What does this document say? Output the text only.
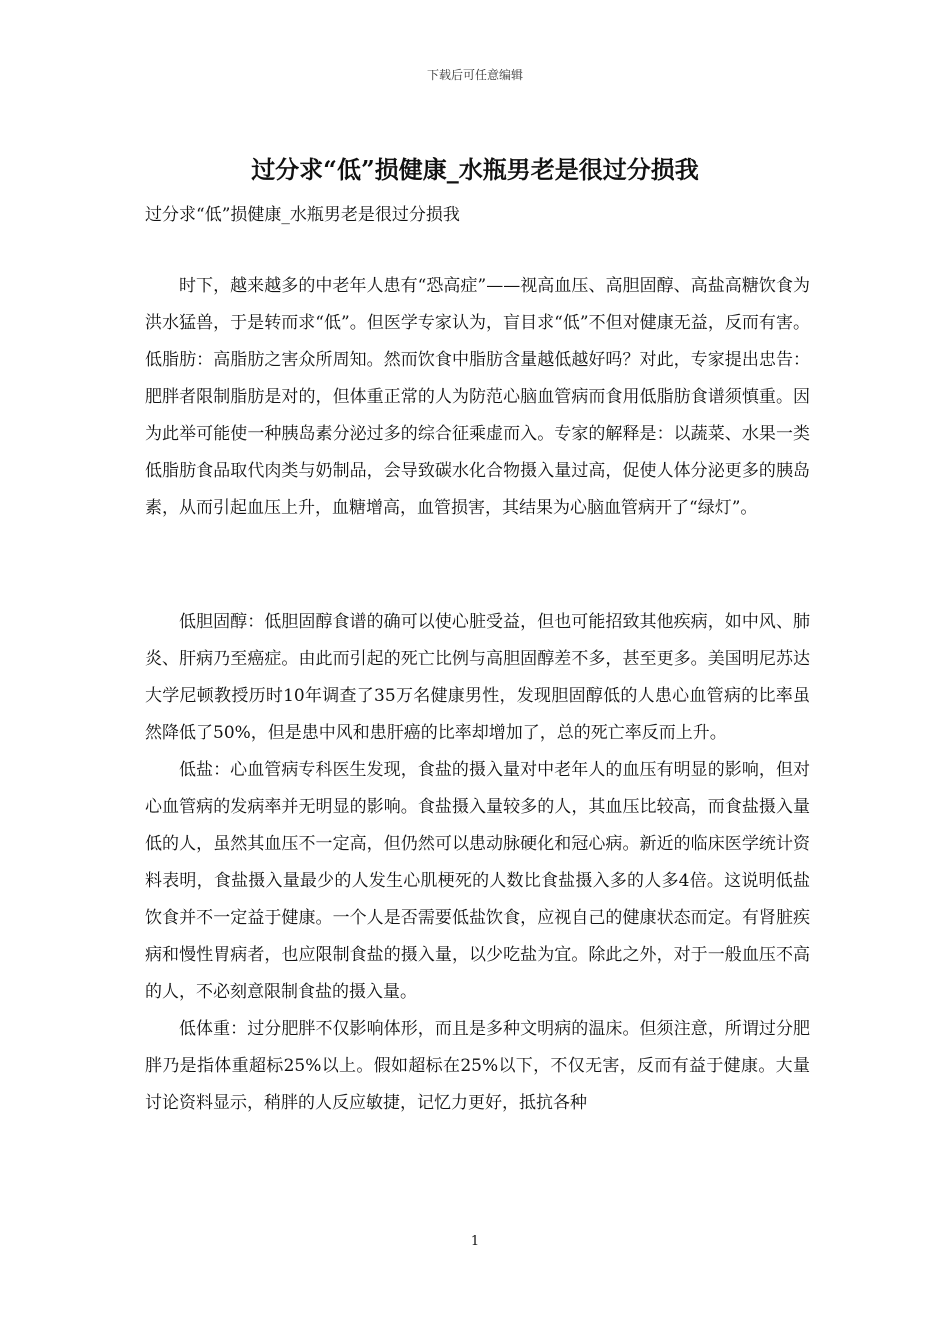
下载后可任意编辑
过分求“低”损健康_水瓶男老是很过分损我
过分求“低”损健康_水瓶男老是很过分损我

时下，越来越多的中老年人患有“恐高症”——视高血压、高胆固醇、高盐高糖饮食为洪水猛兽，于是转而求“低”。但医学专家认为，盲目求“低”不但对健康无益，反而有害。 低脂肪：高脂肪之害众所周知。然而饮食中脂肪含量越低越好吗？对此，专家提出忠告：肥胖者限制脂肪是对的，但体重正常的人为防范心脑血管病而食用低脂肪食谱须慎重。因为此举可能使一种胰岛素分泌过多的综合征乘虚而入。专家的解释是：以蔬菜、水果一类低脂肪食品取代肉类与奶制品，会导致碳水化合物摄入量过高，促使人体分泌更多的胰岛素，从而引起血压上升，血糖增高，血管损害，其结果为心脑血管病开了“绿灯”。

低胆固醇：低胆固醇食谱的确可以使心脏受益，但也可能招致其他疾病，如中风、肺炎、肝病乃至癌症。由此而引起的死亡比例与高胆固醇差不多，甚至更多。美国明尼苏达大学尼顿教授历时10年调查了35万名健康男性，发现胆固醇低的人患心血管病的比率虽然降低了50%，但是患中风和患肝癌的比率却增加了，总的死亡率反而上升。

低盐：心血管病专科医生发现，食盐的摄入量对中老年人的血压有明显的影响，但对心血管病的发病率并无明显的影响。食盐摄入量较多的人，其血压比较高，而食盐摄入量低的人，虽然其血压不一定高，但仍然可以患动脉硬化和冠心病。新近的临床医学统计资料表明，食盐摄入量最少的人发生心肌梗死的人数比食盐摄入多的人多4倍。这说明低盐饮食并不一定益于健康。一个人是否需要低盐饮食，应视自己的健康状态而定。有肾脏疾病和慢性胃病者，也应限制食盐的摄入量，以少吃盐为宜。除此之外，对于一般血压不高的人，不必刻意限制食盐的摄入量。

低体重：过分肥胖不仅影响体形，而且是多种文明病的温床。但须注意，所谓过分肥胖乃是指体重超标25%以上。假如超标在25%以下，不仅无害，反而有益于健康。大量讨论资料显示，稍胖的人反应敏捷，记忆力更好，抵抗各种

1
